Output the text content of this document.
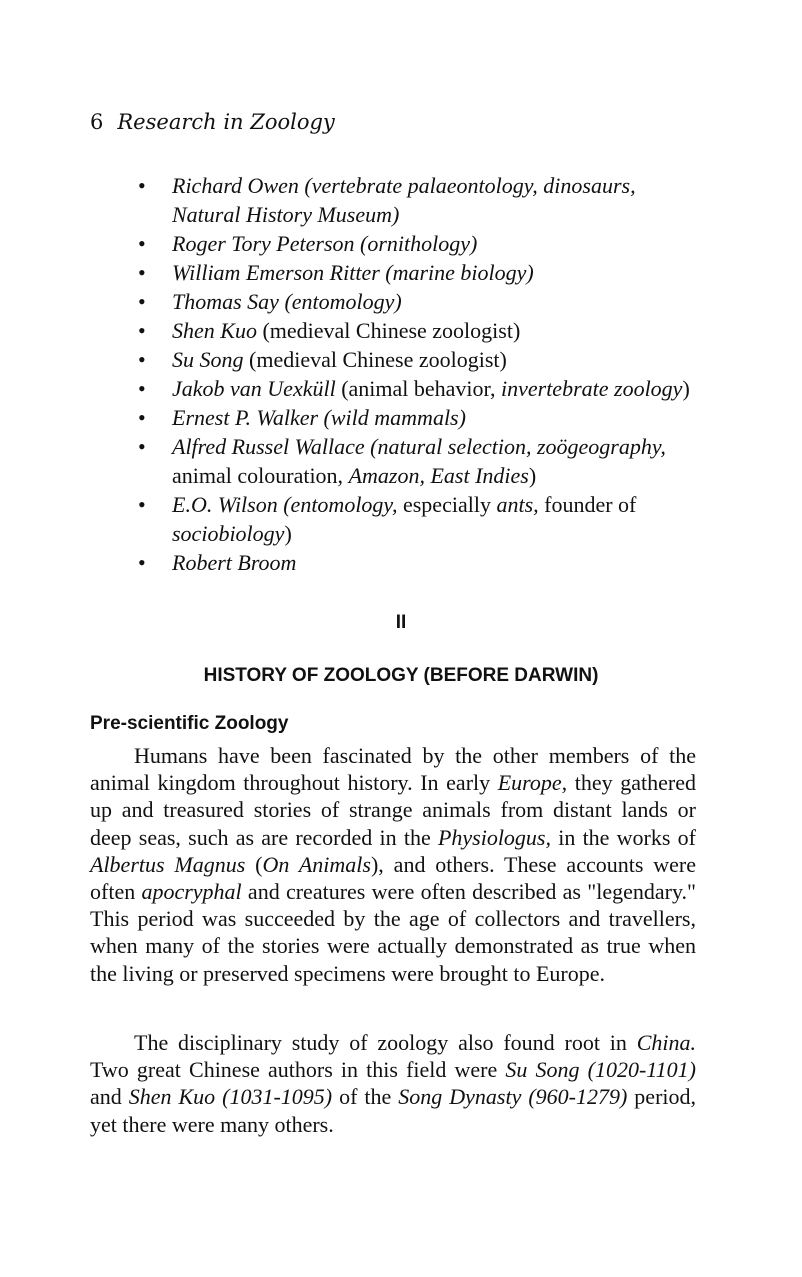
6 Research in Zoology
• Richard Owen (vertebrate palaeontology, dinosaurs, Natural History Museum)
• Roger Tory Peterson (ornithology)
• William Emerson Ritter (marine biology)
• Thomas Say (entomology)
• Shen Kuo (medieval Chinese zoologist)
• Su Song (medieval Chinese zoologist)
• Jakob van Uexküll (animal behavior, invertebrate zoology)
• Ernest P. Walker (wild mammals)
• Alfred Russel Wallace (natural selection, zoögeography, animal colouration, Amazon, East Indies)
• E.O. Wilson (entomology, especially ants, founder of sociobiology)
• Robert Broom
II
HISTORY OF ZOOLOGY (BEFORE DARWIN)
Pre-scientific Zoology

Humans have been fascinated by the other members of the animal kingdom throughout history. In early Europe, they gathered up and treasured stories of strange animals from distant lands or deep seas, such as are recorded in the Physiologus, in the works of Albertus Magnus (On Animals), and others. These accounts were often apocryphal and creatures were often described as "legendary." This period was succeeded by the age of collectors and travellers, when many of the stories were actually demonstrated as true when the living or preserved specimens were brought to Europe.

The disciplinary study of zoology also found root in China. Two great Chinese authors in this field were Su Song (1020-1101) and Shen Kuo (1031-1095) of the Song Dynasty (960-1279) period, yet there were many others.
